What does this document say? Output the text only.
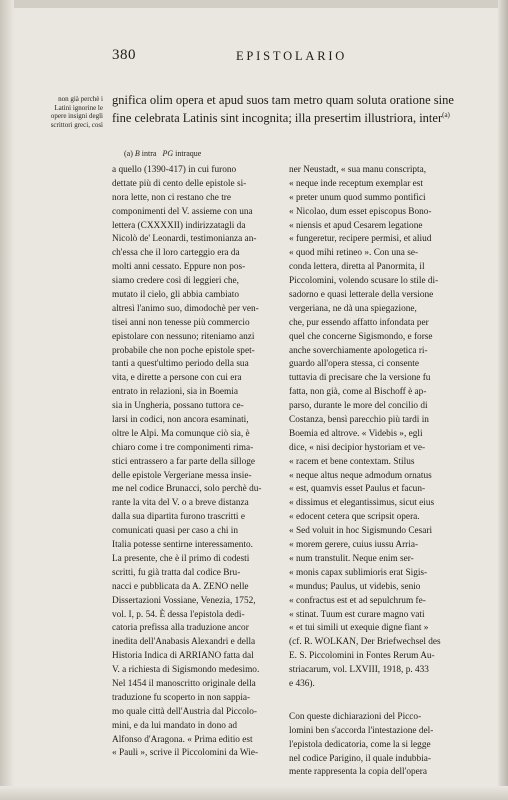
380	EPISTOLARIO
non già perchè i
Latini ignorine le
opere insigni degli
scrittori greci, così
gnifica olim opera et apud suos tam metro quam soluta oratione sine
fine celebrata Latinis sint incognita; illa presertim illustriora, inter$^{(a)}$
(a) B intra PG intraque
a quello (1390-417) in cui furono
dettate più di cento delle epistole si-
nora lette, non ci restano che tre
componimenti del V. assieme con una
lettera (CXXXXII) indirizzatagli da
Nicolò de' Leonardi, testimonianza an-
ch'essa che il loro carteggio era da
molti anni cessato. Eppure non pos-
siamo credere così di leggieri che,
mutato il cielo, gli abbia cambiato
altresì l'animo suo, dimodochè per ven-
tisei anni non tenesse più commercio
epistolare con nessuno; riteniamo anzi
probabile che non poche epistole spet-
tanti a quest'ultimo periodo della sua
vita, e dirette a persone con cui era
entrato in relazioni, sia in Boemia
sia in Ungheria, possano tuttora ce-
larsi in codici, non ancora esaminati,
oltre le Alpi. Ma comunque ciò sia, è
chiaro come i tre componimenti rima-
stici entrassero a far parte della silloge
delle epistole Vergeriane messa insie-
me nel codice Brunacci, solo perchè du-
rante la vita del V. o a breve distanza
dalla sua dipartita furono trascritti e
comunicati quasi per caso a chi in
Italia potesse sentirne interessamento.
La presente, che è il primo di codesti
scritti, fu già tratta dal codice Bru-
nacci e pubblicata da A. ZENO nelle
Dissertazioni Vossiane, Venezia, 1752,
vol. I, p. 54. È dessa l'epistola dedi-
catoria prefissa alla traduzione ancor
inedita dell'Anabasis Alexandri e della
Historia Indica di ARRIANO fatta dal
V. a richiesta di Sigismondo medesimo.
Nel 1454 il manoscritto originale della
traduzione fu scoperto in non sappia-
mo quale città dell'Austria dal Piccolo-
mini, e da lui mandato in dono ad
Alfonso d'Aragona. « Prima editio est
« Pauli », scrive il Piccolomini da Wie-
ner Neustadt, « sua manu conscripta,
« neque inde receptum exemplar est
« preter unum quod summo pontifici
« Nicolao, dum esset episcopus Bono-
« niensis et apud Cesarem legatione
« fungeretur, recipere permisi, et aliud
« quod mihi retineo ». Con una se-
conda lettera, diretta al Panormita, il
Piccolomini, volendo scusare lo stile di-
sadorno e quasi letterale della versione
vergeriana, ne dà una spiegazione,
che, pur essendo affatto infondata per
quel che concerne Sigismondo, e forse
anche soverchiamente apologetica ri-
guardo all'opera stessa, ci consente
tuttavia di precisare che la versione fu
fatta, non già, come al Bischoff è ap-
parso, durante le more del concilio di
Costanza, bensì parecchio più tardi in
Boemia ed altrove. « Videbis », egli
dice, « nisi decipior hystoriam et ve-
« racem et bene contextam. Stilus
« neque altus neque admodum ornatus
« est, quamvis esset Paulus et facun-
« dissimus et elegantissimus, sicut eius
« edocent cetera que scripsit opera.
« Sed voluit in hoc Sigismundo Cesari
« morem gerere, cuius iussu Arria-
« num transtulit. Neque enim ser-
« monis capax sublimioris erat Sigis-
« mundus; Paulus, ut videbis, senio
« confractus est et ad sepulchrum fe-
« stinat. Tuum est curare magno vati
« et tui simili ut exequie digne fiant »
(cf. R. WOLKAN, Der Briefwechsel des
E. S. Piccolomini in Fontes Rerum Au-
striacarum, vol. LXVIII, 1918, p. 433
e 436).
Con queste dichiarazioni del Picco-
lomini ben s'accorda l'intestazione del-
l'epistola dedicatoria, come la si legge
nel codice Parigino, il quale indubbia-
mente rappresenta la copia dell'opera
